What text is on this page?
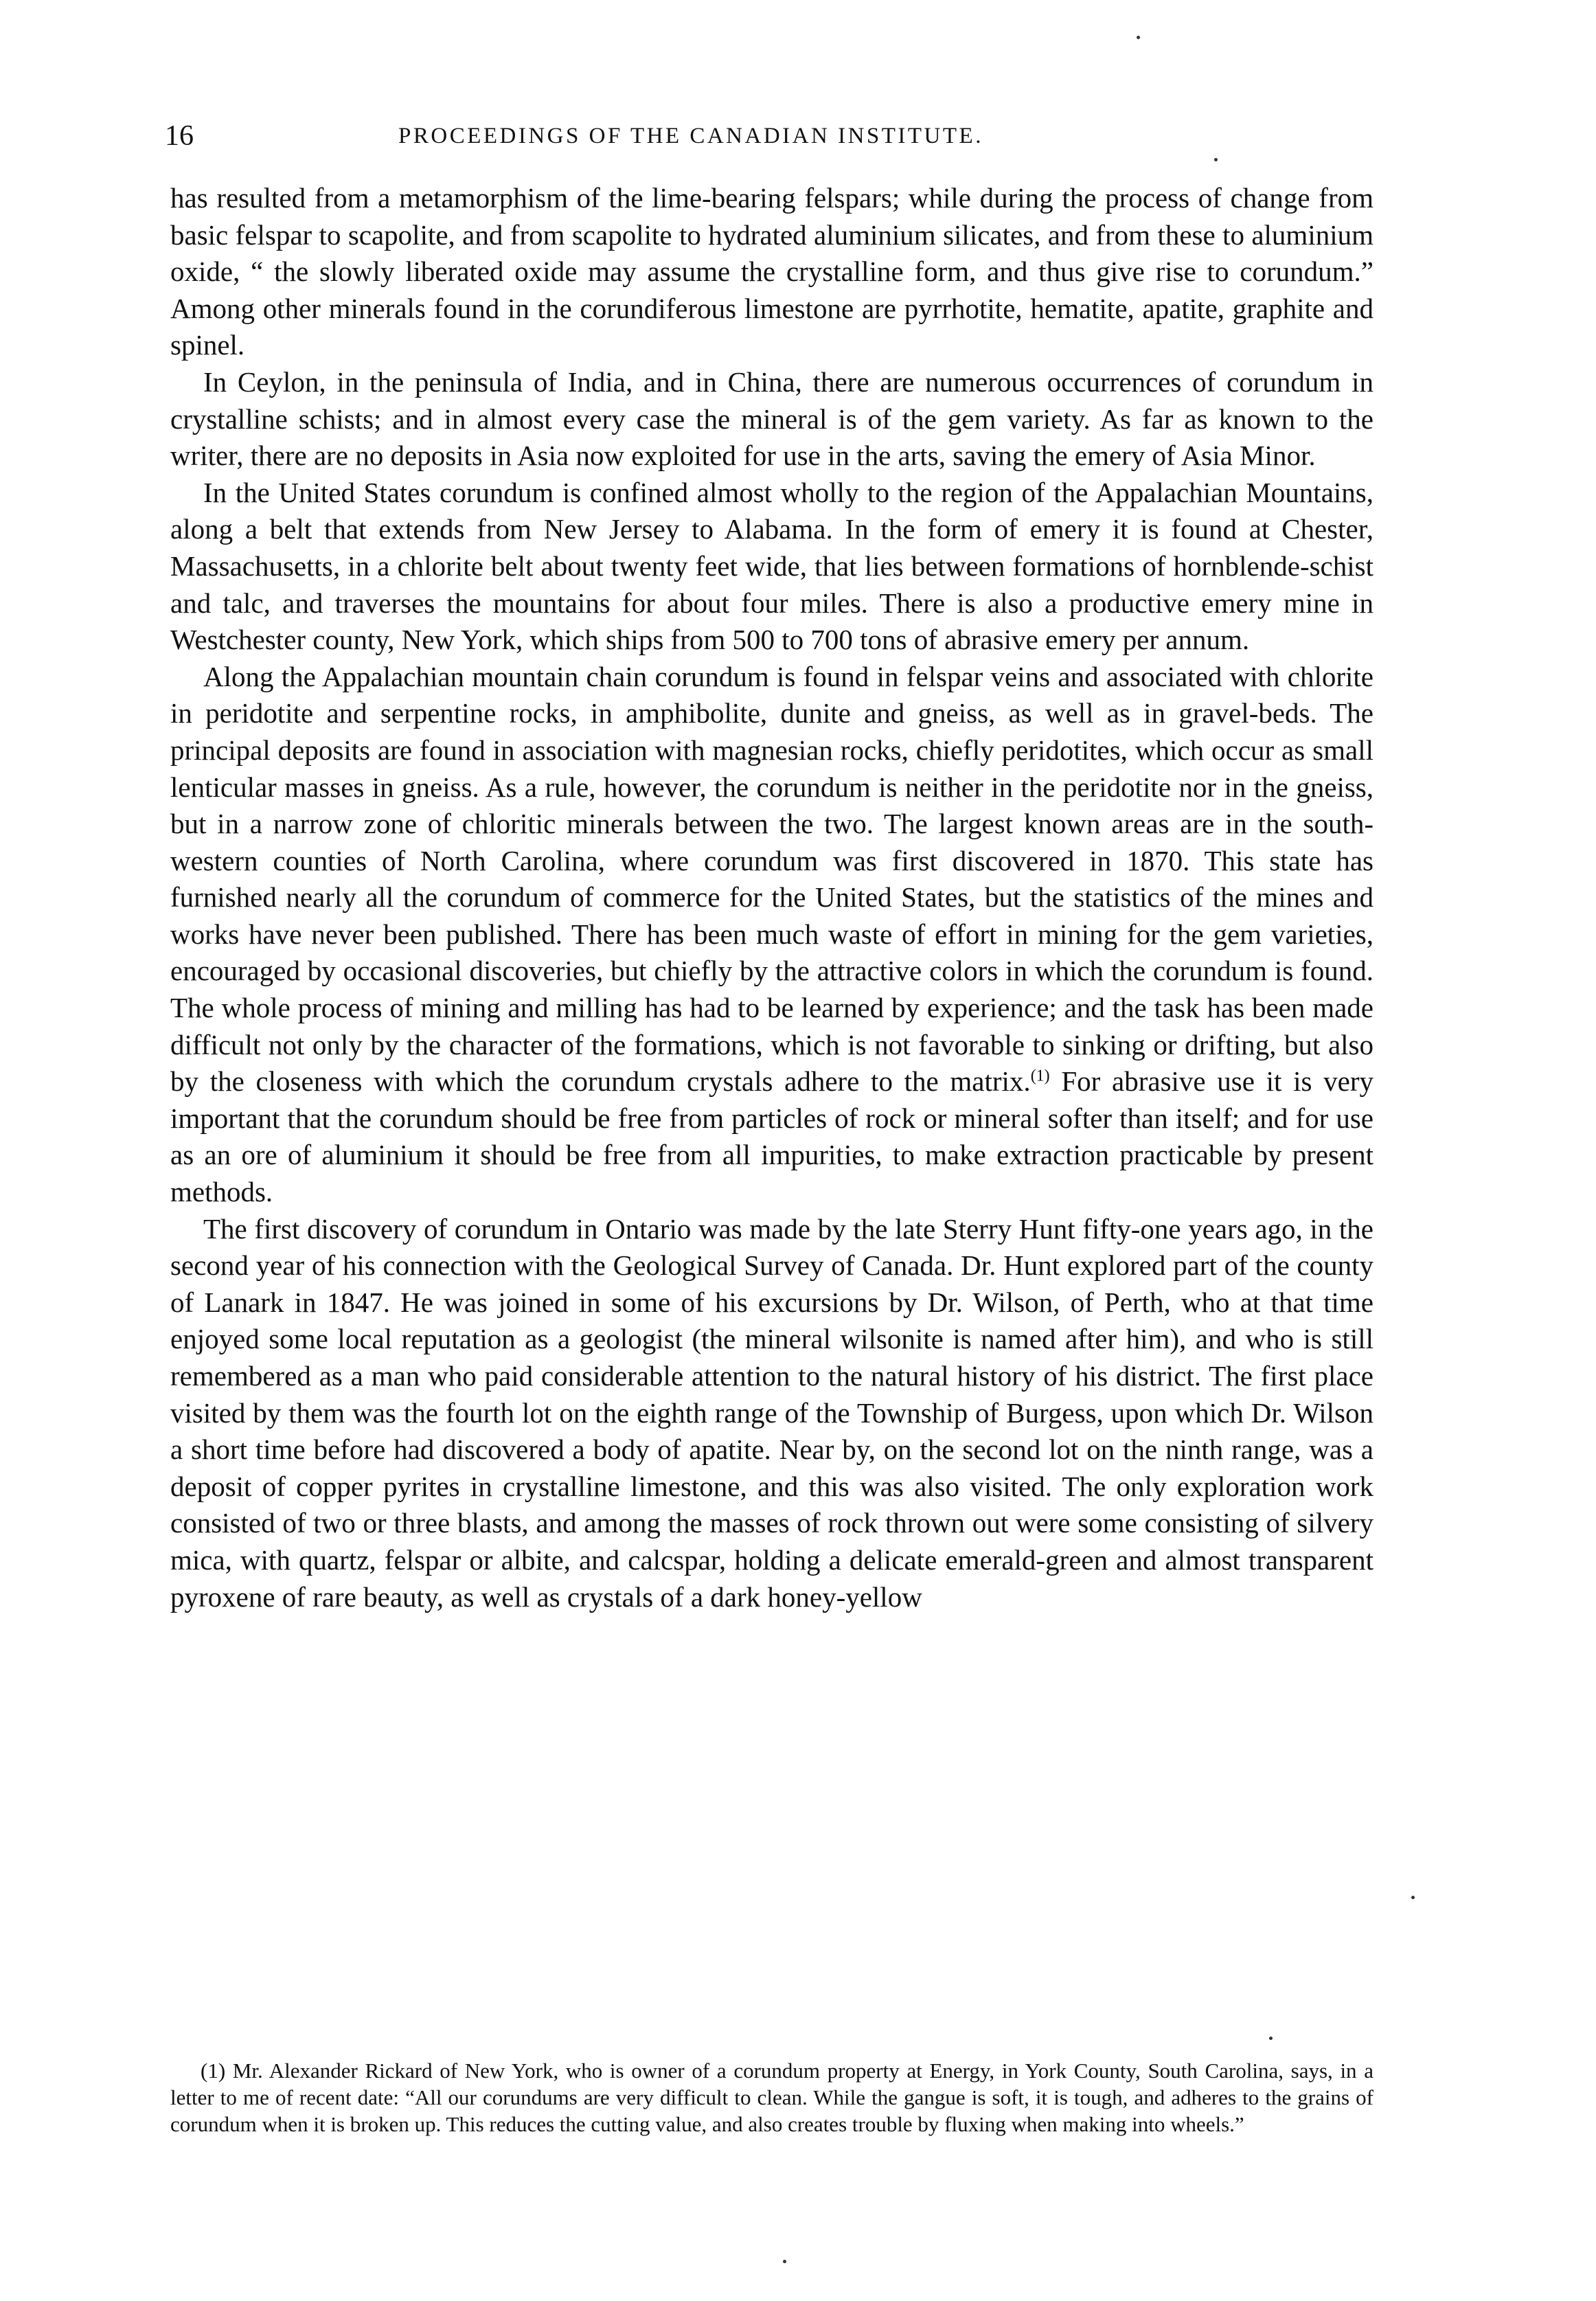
16	PROCEEDINGS OF THE CANADIAN INSTITUTE.

has resulted from a metamorphism of the lime-bearing felspars; while during the process of change from basic felspar to scapolite, and from scapolite to hydrated aluminium silicates, and from these to aluminium oxide, “ the slowly liberated oxide may assume the crystalline form, and thus give rise to corundum.” Among other minerals found in the corundiferous limestone are pyrrhotite, hematite, apatite, graphite and spinel.

In Ceylon, in the peninsula of India, and in China, there are numerous occurrences of corundum in crystalline schists; and in almost every case the mineral is of the gem variety. As far as known to the writer, there are no deposits in Asia now exploited for use in the arts, saving the emery of Asia Minor.

In the United States corundum is confined almost wholly to the region of the Appalachian Mountains, along a belt that extends from New Jersey to Alabama. In the form of emery it is found at Chester, Massachusetts, in a chlorite belt about twenty feet wide, that lies between formations of hornblende-schist and talc, and traverses the mountains for about four miles. There is also a productive emery mine in Westchester county, New York, which ships from 500 to 700 tons of abrasive emery per annum.

Along the Appalachian mountain chain corundum is found in felspar veins and associated with chlorite in peridotite and serpentine rocks, in amphibolite, dunite and gneiss, as well as in gravel-beds. The principal deposits are found in association with magnesian rocks, chiefly peridotites, which occur as small lenticular masses in gneiss. As a rule, however, the corundum is neither in the peridotite nor in the gneiss, but in a narrow zone of chloritic minerals between the two. The largest known areas are in the south-western counties of North Carolina, where corundum was first discovered in 1870. This state has furnished nearly all the corundum of commerce for the United States, but the statistics of the mines and works have never been published. There has been much waste of effort in mining for the gem varieties, encouraged by occasional discoveries, but chiefly by the attractive colors in which the corundum is found. The whole process of mining and milling has had to be learned by experience; and the task has been made difficult not only by the character of the formations, which is not favorable to sinking or drifting, but also by the closeness with which the corundum crystals adhere to the matrix.$^{(1)}$ For abrasive use it is very important that the corundum should be free from particles of rock or mineral softer than itself; and for use as an ore of aluminium it should be free from all impurities, to make extraction practicable by present methods.

The first discovery of corundum in Ontario was made by the late Sterry Hunt fifty-one years ago, in the second year of his connection with the Geological Survey of Canada. Dr. Hunt explored part of the county of Lanark in 1847. He was joined in some of his excursions by Dr. Wilson, of Perth, who at that time enjoyed some local reputation as a geologist (the mineral wilsonite is named after him), and who is still remembered as a man who paid considerable attention to the natural history of his district. The first place visited by them was the fourth lot on the eighth range of the Township of Burgess, upon which Dr. Wilson a short time before had discovered a body of apatite. Near by, on the second lot on the ninth range, was a deposit of copper pyrites in crystalline limestone, and this was also visited. The only exploration work consisted of two or three blasts, and among the masses of rock thrown out were some consisting of silvery mica, with quartz, felspar or albite, and calcspar, holding a delicate emerald-green and almost transparent pyroxene of rare beauty, as well as crystals of a dark honey-yellow

(1) Mr. Alexander Rickard of New York, who is owner of a corundum property at Energy, in York County, South Carolina, says, in a letter to me of recent date: “All our corundums are very difficult to clean. While the gangue is soft, it is tough, and adheres to the grains of corundum when it is broken up. This reduces the cutting value, and also creates trouble by fluxing when making into wheels.”
